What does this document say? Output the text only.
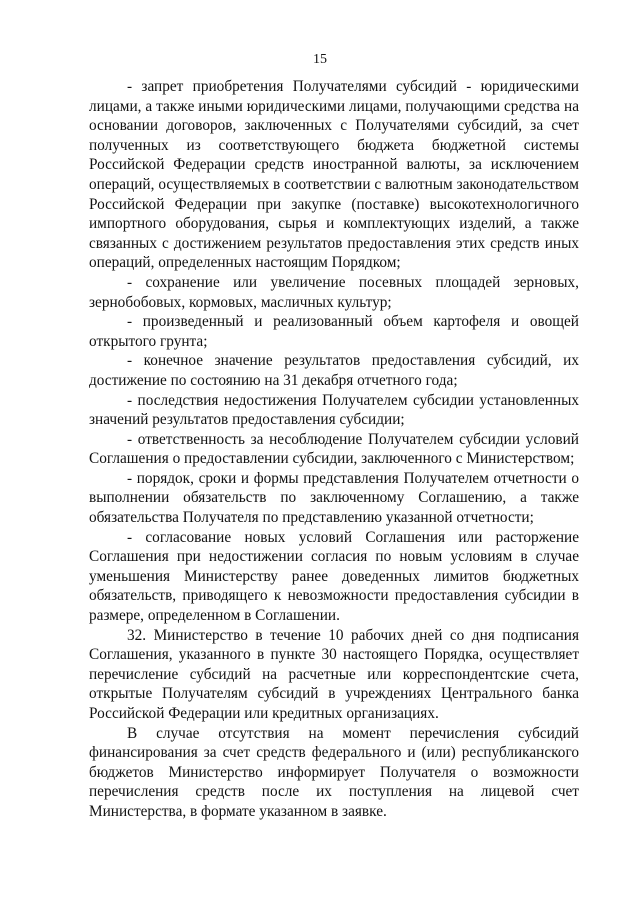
15

- запрет приобретения Получателями субсидий - юридическими лицами, а также иными юридическими лицами, получающими средства на основании договоров, заключенных с Получателями субсидий, за счет полученных из соответствующего бюджета бюджетной системы Российской Федерации средств иностранной валюты, за исключением операций, осуществляемых в соответствии с валютным законодательством Российской Федерации при закупке (поставке) высокотехнологичного импортного оборудования, сырья и комплектующих изделий, а также связанных с достижением результатов предоставления этих средств иных операций, определенных настоящим Порядком;

- сохранение или увеличение посевных площадей зерновых, зернобобовых, кормовых, масличных культур;

- произведенный и реализованный объем картофеля и овощей открытого грунта;

- конечное значение результатов предоставления субсидий, их достижение по состоянию на 31 декабря отчетного года;

- последствия недостижения Получателем субсидии установленных значений результатов предоставления субсидии;

- ответственность за несоблюдение Получателем субсидии условий Соглашения о предоставлении субсидии, заключенного с Министерством;

- порядок, сроки и формы представления Получателем отчетности о выполнении обязательств по заключенному Соглашению, а также обязательства Получателя по представлению указанной отчетности;

- согласование новых условий Соглашения или расторжение Соглашения при недостижении согласия по новым условиям в случае уменьшения Министерству ранее доведенных лимитов бюджетных обязательств, приводящего к невозможности предоставления субсидии в размере, определенном в Соглашении.

32. Министерство в течение 10 рабочих дней со дня подписания Соглашения, указанного в пункте 30 настоящего Порядка, осуществляет перечисление субсидий на расчетные или корреспондентские счета, открытые Получателям субсидий в учреждениях Центрального банка Российской Федерации или кредитных организациях.

В случае отсутствия на момент перечисления субсидий финансирования за счет средств федерального и (или) республиканского бюджетов Министерство информирует Получателя о возможности перечисления средств после их поступления на лицевой счет Министерства, в формате указанном в заявке.
